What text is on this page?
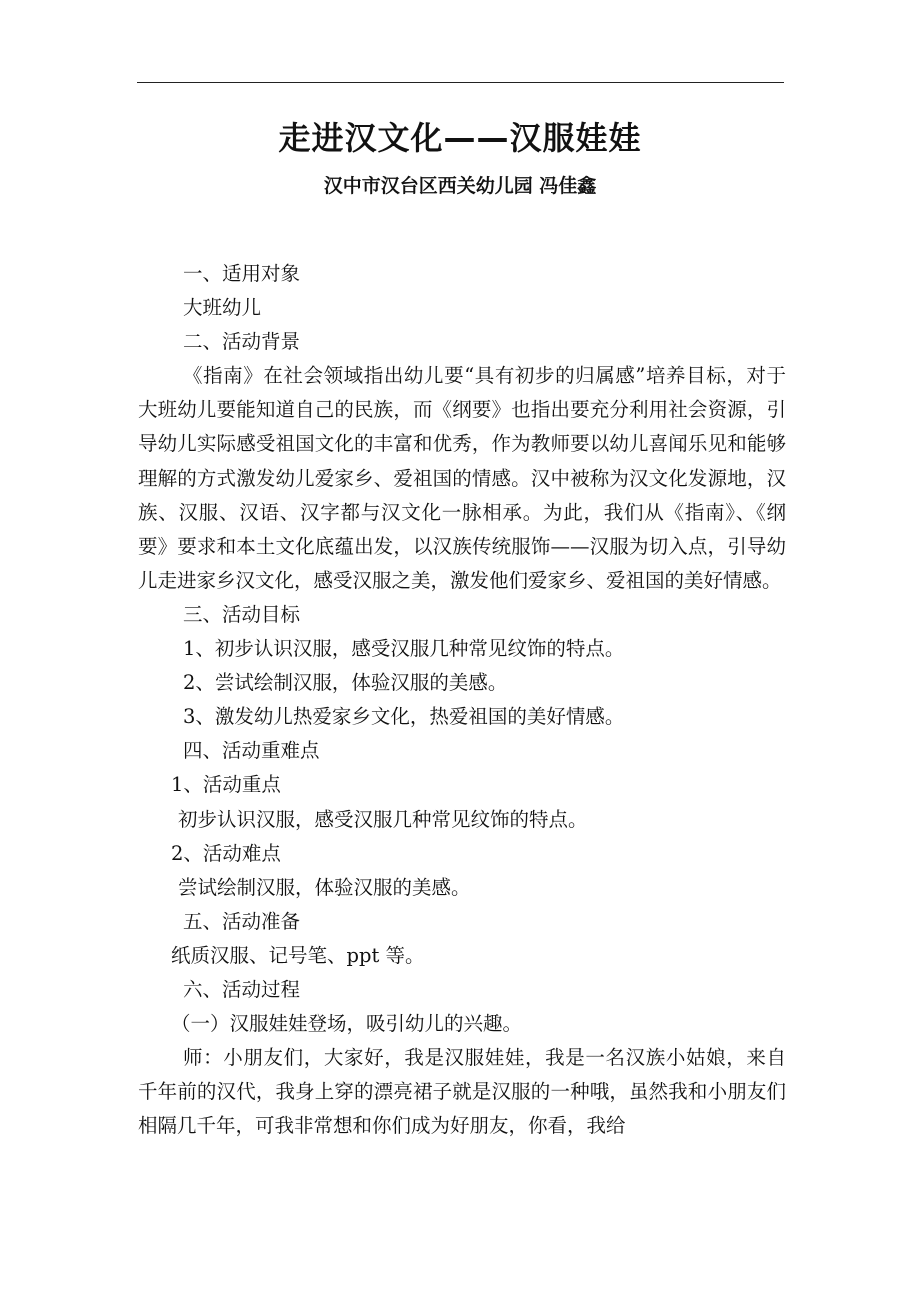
走进汉文化——汉服娃娃
汉中市汉台区西关幼儿园 冯佳鑫

一、适用对象

大班幼儿

二、活动背景

《指南》在社会领域指出幼儿要“具有初步的归属感”培养目标，对于大班幼儿要能知道自己的民族，而《纲要》也指出要充分利用社会资源，引导幼儿实际感受祖国文化的丰富和优秀，作为教师要以幼儿喜闻乐见和能够理解的方式激发幼儿爱家乡、爱祖国的情感。汉中被称为汉文化发源地，汉族、汉服、汉语、汉字都与汉文化一脉相承。为此，我们从《指南》、《纲要》要求和本土文化底蕴出发，以汉族传统服饰——汉服为切入点，引导幼儿走进家乡汉文化，感受汉服之美，激发他们爱家乡、爱祖国的美好情感。

三、活动目标

1、初步认识汉服，感受汉服几种常见纹饰的特点。

2、尝试绘制汉服，体验汉服的美感。

3、激发幼儿热爱家乡文化，热爱祖国的美好情感。

四、活动重难点

1、活动重点

初步认识汉服，感受汉服几种常见纹饰的特点。

2、活动难点

尝试绘制汉服，体验汉服的美感。

五、活动准备

纸质汉服、记号笔、ppt 等。

六、活动过程

（一）汉服娃娃登场，吸引幼儿的兴趣。

师：小朋友们，大家好，我是汉服娃娃，我是一名汉族小姑娘，来自千年前的汉代，我身上穿的漂亮裙子就是汉服的一种哦，虽然我和小朋友们相隔几千年，可我非常想和你们成为好朋友，你看，我给
